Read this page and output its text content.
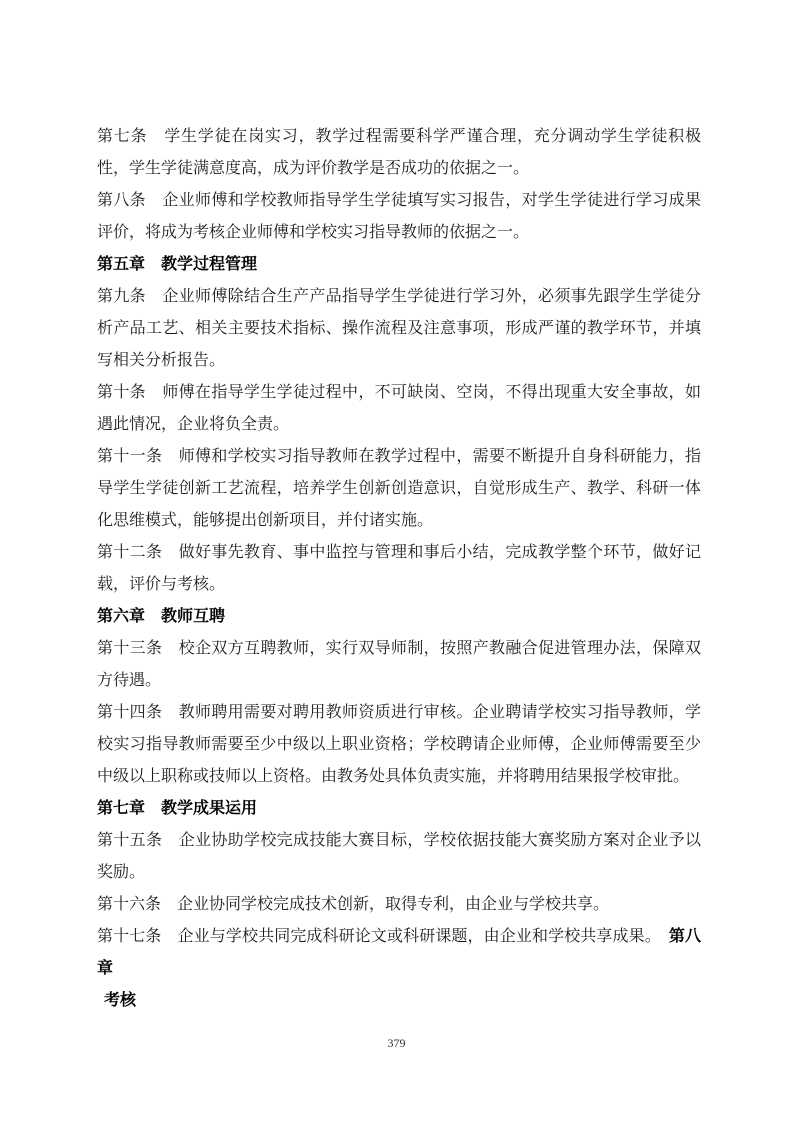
第七条　学生学徒在岗实习，教学过程需要科学严谨合理，充分调动学生学徒积极性，学生学徒满意度高，成为评价教学是否成功的依据之一。

第八条　企业师傅和学校教师指导学生学徒填写实习报告，对学生学徒进行学习成果评价，将成为考核企业师傅和学校实习指导教师的依据之一。

第五章　教学过程管理

第九条　企业师傅除结合生产产品指导学生学徒进行学习外，必须事先跟学生学徒分析产品工艺、相关主要技术指标、操作流程及注意事项，形成严谨的教学环节，并填写相关分析报告。

第十条　师傅在指导学生学徒过程中，不可缺岗、空岗，不得出现重大安全事故，如遇此情况，企业将负全责。

第十一条　师傅和学校实习指导教师在教学过程中，需要不断提升自身科研能力，指导学生学徒创新工艺流程，培养学生创新创造意识，自觉形成生产、教学、科研一体化思维模式，能够提出创新项目，并付诸实施。

第十二条　做好事先教育、事中监控与管理和事后小结，完成教学整个环节，做好记载，评价与考核。

第六章　教师互聘

第十三条　校企双方互聘教师，实行双导师制，按照产教融合促进管理办法，保障双方待遇。

第十四条　教师聘用需要对聘用教师资质进行审核。企业聘请学校实习指导教师，学校实习指导教师需要至少中级以上职业资格；学校聘请企业师傅，企业师傅需要至少中级以上职称或技师以上资格。由教务处具体负责实施，并将聘用结果报学校审批。

第七章　教学成果运用

第十五条　企业协助学校完成技能大赛目标，学校依据技能大赛奖励方案对企业予以奖励。

第十六条　企业协同学校完成技术创新，取得专利，由企业与学校共享。

第十七条　企业与学校共同完成科研论文或科研课题，由企业和学校共享成果。 第八章

考核
379
